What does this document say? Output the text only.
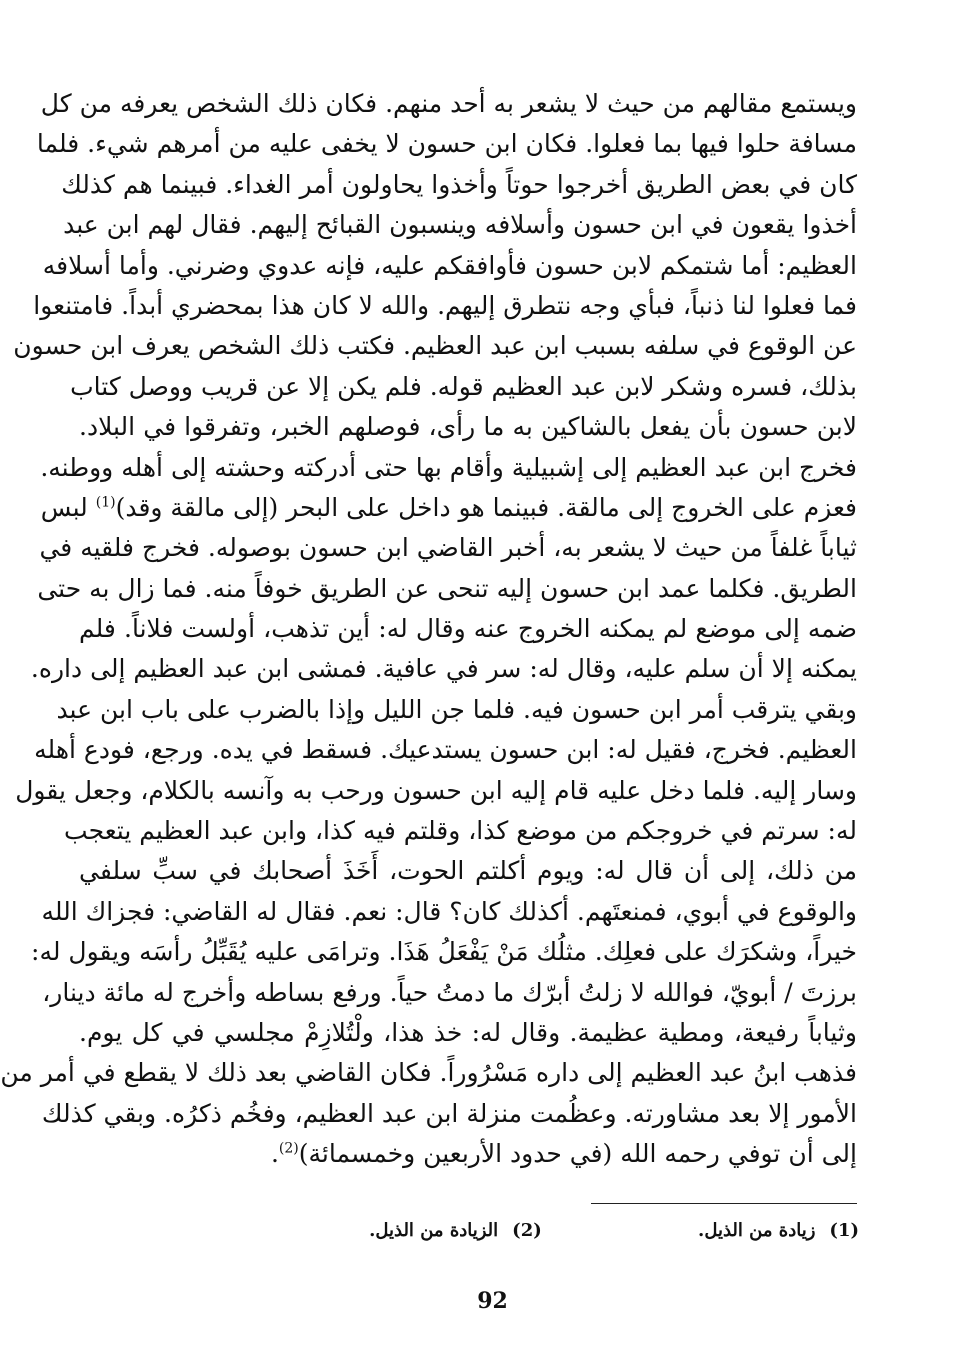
ويستمع مقالهم من حيث لا يشعر به أحد منهم. فكان ذلك الشخص يعرفه من كل
مسافة حلوا فيها بما فعلوا. فكان ابن حسون لا يخفى عليه من أمرهم شيء. فلما
كان في بعض الطريق أخرجوا حوتاً وأخذوا يحاولون أمر الغداء. فبينما هم كذلك
أخذوا يقعون في ابن حسون وأسلافه وينسبون القبائح إليهم. فقال لهم ابن عبد
العظيم: أما شتمكم لابن حسون فأوافقكم عليه، فإنه عدوي وضرني. وأما أسلافه
فما فعلوا لنا ذنباً، فبأي وجه نتطرق إليهم. والله لا كان هذا بمحضري أبداً. فامتنعوا
عن الوقوع في سلفه بسبب ابن عبد العظيم. فكتب ذلك الشخص يعرف ابن حسون
بذلك، فسره وشكر لابن عبد العظيم قوله. فلم يكن إلا عن قريب ووصل كتاب
لابن حسون بأن يفعل بالشاكين به ما رأى، فوصلهم الخبر، وتفرقوا في البلاد.
فخرج ابن عبد العظيم إلى إشبيلية وأقام بها حتى أدركته وحشته إلى أهله ووطنه.
فعزم على الخروج إلى مالقة. فبينما هو داخل على البحر (إلى مالقة وقد)$^{(1)}$ لبس
ثياباً غلفاً من حيث لا يشعر به، أخبر القاضي ابن حسون بوصوله. فخرج فلقيه في
الطريق. فكلما عمد ابن حسون إليه تنحى عن الطريق خوفاً منه. فما زال به حتى
ضمه إلى موضع لم يمكنه الخروج عنه وقال له: أين تذهب، أولست فلاناً. فلم
يمكنه إلا أن سلم عليه، وقال له: سر في عافية. فمشى ابن عبد العظيم إلى داره.
وبقي يترقب أمر ابن حسون فيه. فلما جن الليل وإذا بالضرب على باب ابن عبد
العظيم. فخرج، فقيل له: ابن حسون يستدعيك. فسقط في يده. ورجع، فودع أهله
وسار إليه. فلما دخل عليه قام إليه ابن حسون ورحب به وآنسه بالكلام، وجعل يقول
له: سرتم في خروجكم من موضع كذا، وقلتم فيه كذا، وابن عبد العظيم يتعجب
من ذلك، إلى أن قال له: ويوم أكلتم الحوت، أَخَذَ أصحابك في سبِّ سلفي
والوقوع في أبوي، فمنعتَهم. أكذلك كان؟ قال: نعم. فقال له القاضي: فجزاك الله
خيراً، وشكرَك على فعلِك. مثلُك مَنْ يَفْعَلُ هَذَا. وترامَى عليه يُقَبِّلُ رأسَه ويقول له:
برزتَ / أبويّ، فوالله لا زلتُ أبرّك ما دمتُ حياً. ورفع بساطه وأخرج له مائة دينار،
وثياباً رفيعة، ومطية عظيمة. وقال له: خذ هذا، ولْتُلازِمْ مجلسي في كل يوم.
فذهب ابنُ عبد العظيم إلى داره مَسْرُوراً. فكان القاضي بعد ذلك لا يقطع في أمر من
الأمور إلا بعد مشاورته. وعظُمت منزلة ابن عبد العظيم، وفخُم ذكرُه. وبقي كذلك
إلى أن توفي رحمه الله (في حدود الأربعين وخمسمائة)$^{(2)}$.
(1)زيادة من الذيل. (2)الزيادة من الذيل.
92
